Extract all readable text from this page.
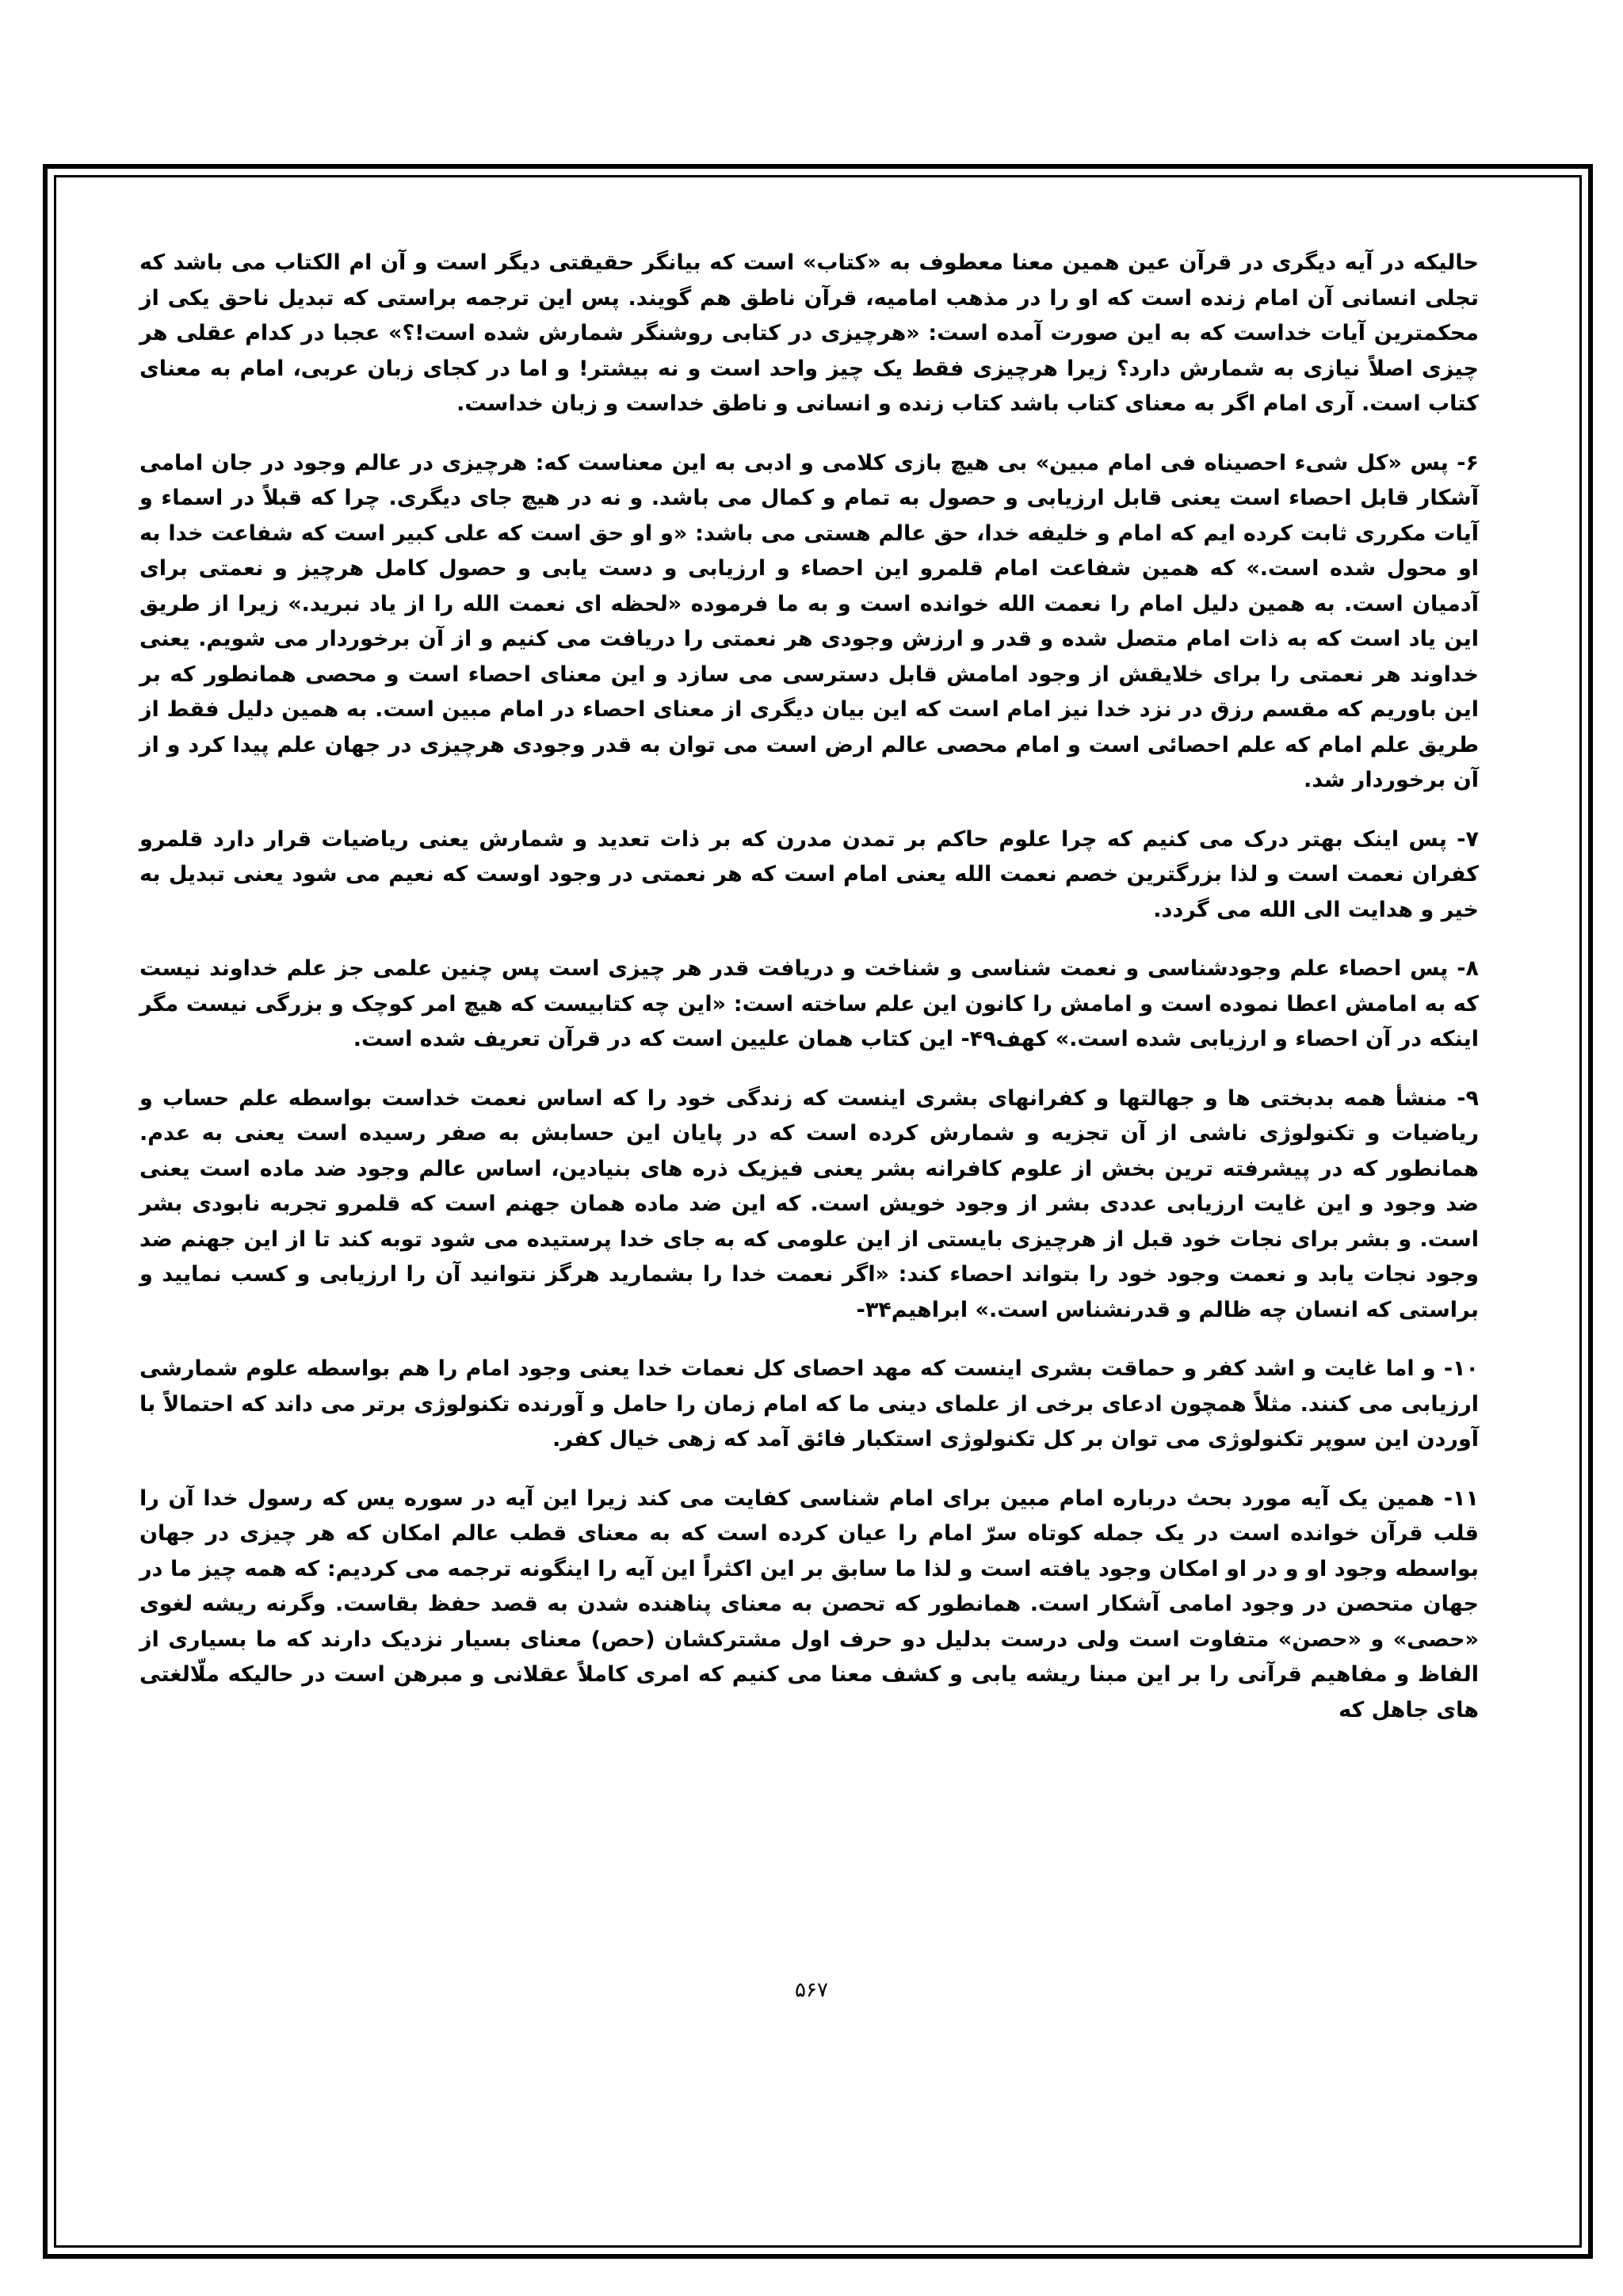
حالیکه در آیه دیگری در قرآن عین همین معنا معطوف به «کتاب» است که بیانگر حقیقتی دیگر است و آن ام الکتاب می باشد که تجلی انسانی آن امام زنده است که او را در مذهب امامیه، قرآن ناطق هم گویند. پس این ترجمه براستی که تبدیل ناحق یکی از محکمترین آیات خداست که به این صورت آمده است: «هرچیزی در کتابی روشنگر شمارش شده است!؟» عجبا در کدام عقلی هر چیزی اصلاً نیازی به شمارش دارد؟ زیرا هرچیزی فقط یک چیز واحد است و نه بیشتر! و اما در کجای زبان عربی، امام به معنای کتاب است. آری امام اگر به معنای کتاب باشد کتاب زنده و انسانی و ناطق خداست و زبان خداست.

۶- پس «کل شیء احصیناه فی امام مبین» بی هیچ بازی کلامی و ادبی به این معناست که: هرچیزی در عالم وجود در جان امامی آشکار قابل احصاء است یعنی قابل ارزیابی و حصول به تمام و کمال می باشد. و نه در هیچ جای دیگری. چرا که قبلاً در اسماء و آیات مکرری ثابت کرده ایم که امام و خلیفه خدا، حق عالم هستی می باشد: «و او حق است که علی کبیر است که شفاعت خدا به او محول شده است.» که همین شفاعت امام قلمرو این احصاء و ارزیابی و دست یابی و حصول کامل هرچیز و نعمتی برای آدمیان است. به همین دلیل امام را نعمت الله خوانده است و به ما فرموده «لحظه ای نعمت الله را از یاد نبرید.» زیرا از طریق این یاد است که به ذات امام متصل شده و قدر و ارزش وجودی هر نعمتی را دریافت می کنیم و از آن برخوردار می شویم. یعنی خداوند هر نعمتی را برای خلایقش از وجود امامش قابل دسترسی می سازد و این معنای احصاء است و محصی همانطور که بر این باوریم که مقسم رزق در نزد خدا نیز امام است که این بیان دیگری از معنای احصاء در امام مبین است. به همین دلیل فقط از طریق علم امام که علم احصائی است و امام محصی عالم ارض است می توان به قدر وجودی هرچیزی در جهان علم پیدا کرد و از آن برخوردار شد.

۷- پس اینک بهتر درک می کنیم که چرا علوم حاکم بر تمدن مدرن که بر ذات تعدید و شمارش یعنی ریاضیات قرار دارد قلمرو کفران نعمت است و لذا بزرگترین خصم نعمت الله یعنی امام است که هر نعمتی در وجود اوست که نعیم می شود یعنی تبدیل به خیر و هدایت الی الله می گردد.

۸- پس احصاء علم وجودشناسی و نعمت شناسی و شناخت و دریافت قدر هر چیزی است پس چنین علمی جز علم خداوند نیست که به امامش اعطا نموده است و امامش را کانون این علم ساخته است: «این چه کتابیست که هیچ امر کوچک و بزرگی نیست مگر اینکه در آن احصاء و ارزیابی شده است.» کهف۴۹- این کتاب همان علیین است که در قرآن تعریف شده است.

۹- منشأ همه بدبختی ها و جهالتها و کفرانهای بشری اینست که زندگی خود را که اساس نعمت خداست بواسطه علم حساب و ریاضیات و تکنولوژی ناشی از آن تجزیه و شمارش کرده است که در پایان این حسابش به صفر رسیده است یعنی به عدم. همانطور که در پیشرفته ترین بخش از علوم کافرانه بشر یعنی فیزیک ذره های بنیادین، اساس عالم وجود ضد ماده است یعنی ضد وجود و این غایت ارزیابی عددی بشر از وجود خویش است. که این ضد ماده همان جهنم است که قلمرو تجربه نابودی بشر است. و بشر برای نجات خود قبل از هرچیزی بایستی از این علومی که به جای خدا پرستیده می شود توبه کند تا از این جهنم ضد وجود نجات یابد و نعمت وجود خود را بتواند احصاء کند: «اگر نعمت خدا را بشمارید هرگز نتوانید آن را ارزیابی و کسب نمایید و براستی که انسان چه ظالم و قدرنشناس است.» ابراهیم۳۴-

۱۰- و اما غایت و اشد کفر و حماقت بشری اینست که مهد احصای کل نعمات خدا یعنی وجود امام را هم بواسطه علوم شمارشی ارزیابی می کنند. مثلاً همچون ادعای برخی از علمای دینی ما که امام زمان را حامل و آورنده تکنولوژی برتر می داند که احتمالاً با آوردن این سوپر تکنولوژی می توان بر کل تکنولوژی استکبار فائق آمد که زهی خیال کفر.

۱۱- همین یک آیه مورد بحث درباره امام مبین برای امام شناسی کفایت می کند زیرا این آیه در سوره یس که رسول خدا آن را قلب قرآن خوانده است در یک جمله کوتاه سرّ امام را عیان کرده است که به معنای قطب عالم امکان که هر چیزی در جهان بواسطه وجود او و در او امکان وجود یافته است و لذا ما سابق بر این اکثراً این آیه را اینگونه ترجمه می کردیم: که همه چیز ما در جهان متحصن در وجود امامی آشکار است. همانطور که تحصن به معنای پناهنده شدن به قصد حفظ بقاست. وگرنه ریشه لغوی «حصی» و «حصن» متفاوت است ولی درست بدلیل دو حرف اول مشترکشان (حص) معنای بسیار نزدیک دارند که ما بسیاری از الفاظ و مفاهیم قرآنی را بر این مبنا ریشه یابی و کشف معنا می کنیم که امری کاملاً عقلانی و مبرهن است در حالیکه ملّالغتی های جاهل که

۵۶۷
